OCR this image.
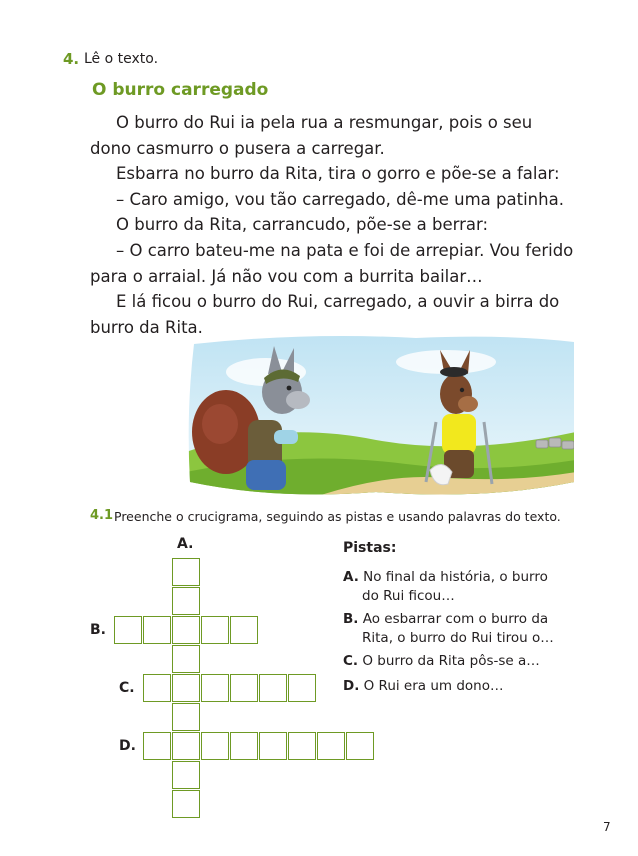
4. Lê o texto.
O burro carregado

O burro do Rui ia pela rua a resmungar, pois o seu dono casmurro o pusera a carregar.

Esbarra no burro da Rita, tira o gorro e põe-se a falar:

– Caro amigo, vou tão carregado, dê-me uma patinha.

O burro da Rita, carrancudo, põe-se a berrar:

– O carro bateu-me na pata e foi de arrepiar. Vou ferido para o arraial. Já não vou com a burrita bailar…

E lá ficou o burro do Rui, carregado, a ouvir a birra do burro da Rita.

4.1 Preenche o crucigrama, seguindo as pistas e usando palavras do texto.
A.
B.
C.
D.
Pistas:
A. No final da história, o burro
do Rui ficou…
B. Ao esbarrar com o burro da
Rita, o burro do Rui tirou o…
C. O burro da Rita pôs-se a…
D. O Rui era um dono…
7
